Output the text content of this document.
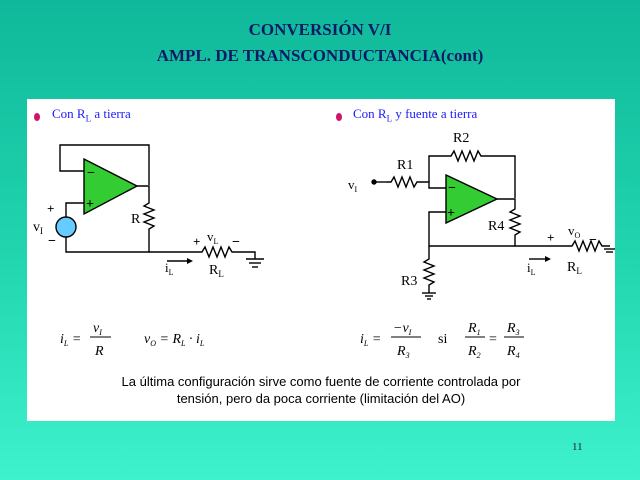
CONVERSIÓN V/I
AMPL. DE TRANSCONDUCTANCIA(cont)
Con $R_L$ a tierra	Con $R_L$ y fuente a tierra
−
+
+
−
$v_I$
R
$v_L$
+ −
$i_L$	$R_L$
−
+
R1
R2
R3
R4
$v_I$
$v_O$
+ −
$i_L$ $R_L$
$i_L$ =
$v_I$
R
$v_O = R_L \cdot i_L$	$i_L$ =
$-v_I$
$R_3$
si
$R_1$
$R_2$
=
$R_3$
$R_4$
La última configuración sirve como fuente de corriente controlada por
tensión, pero da poca corriente (limitación del AO)
11
